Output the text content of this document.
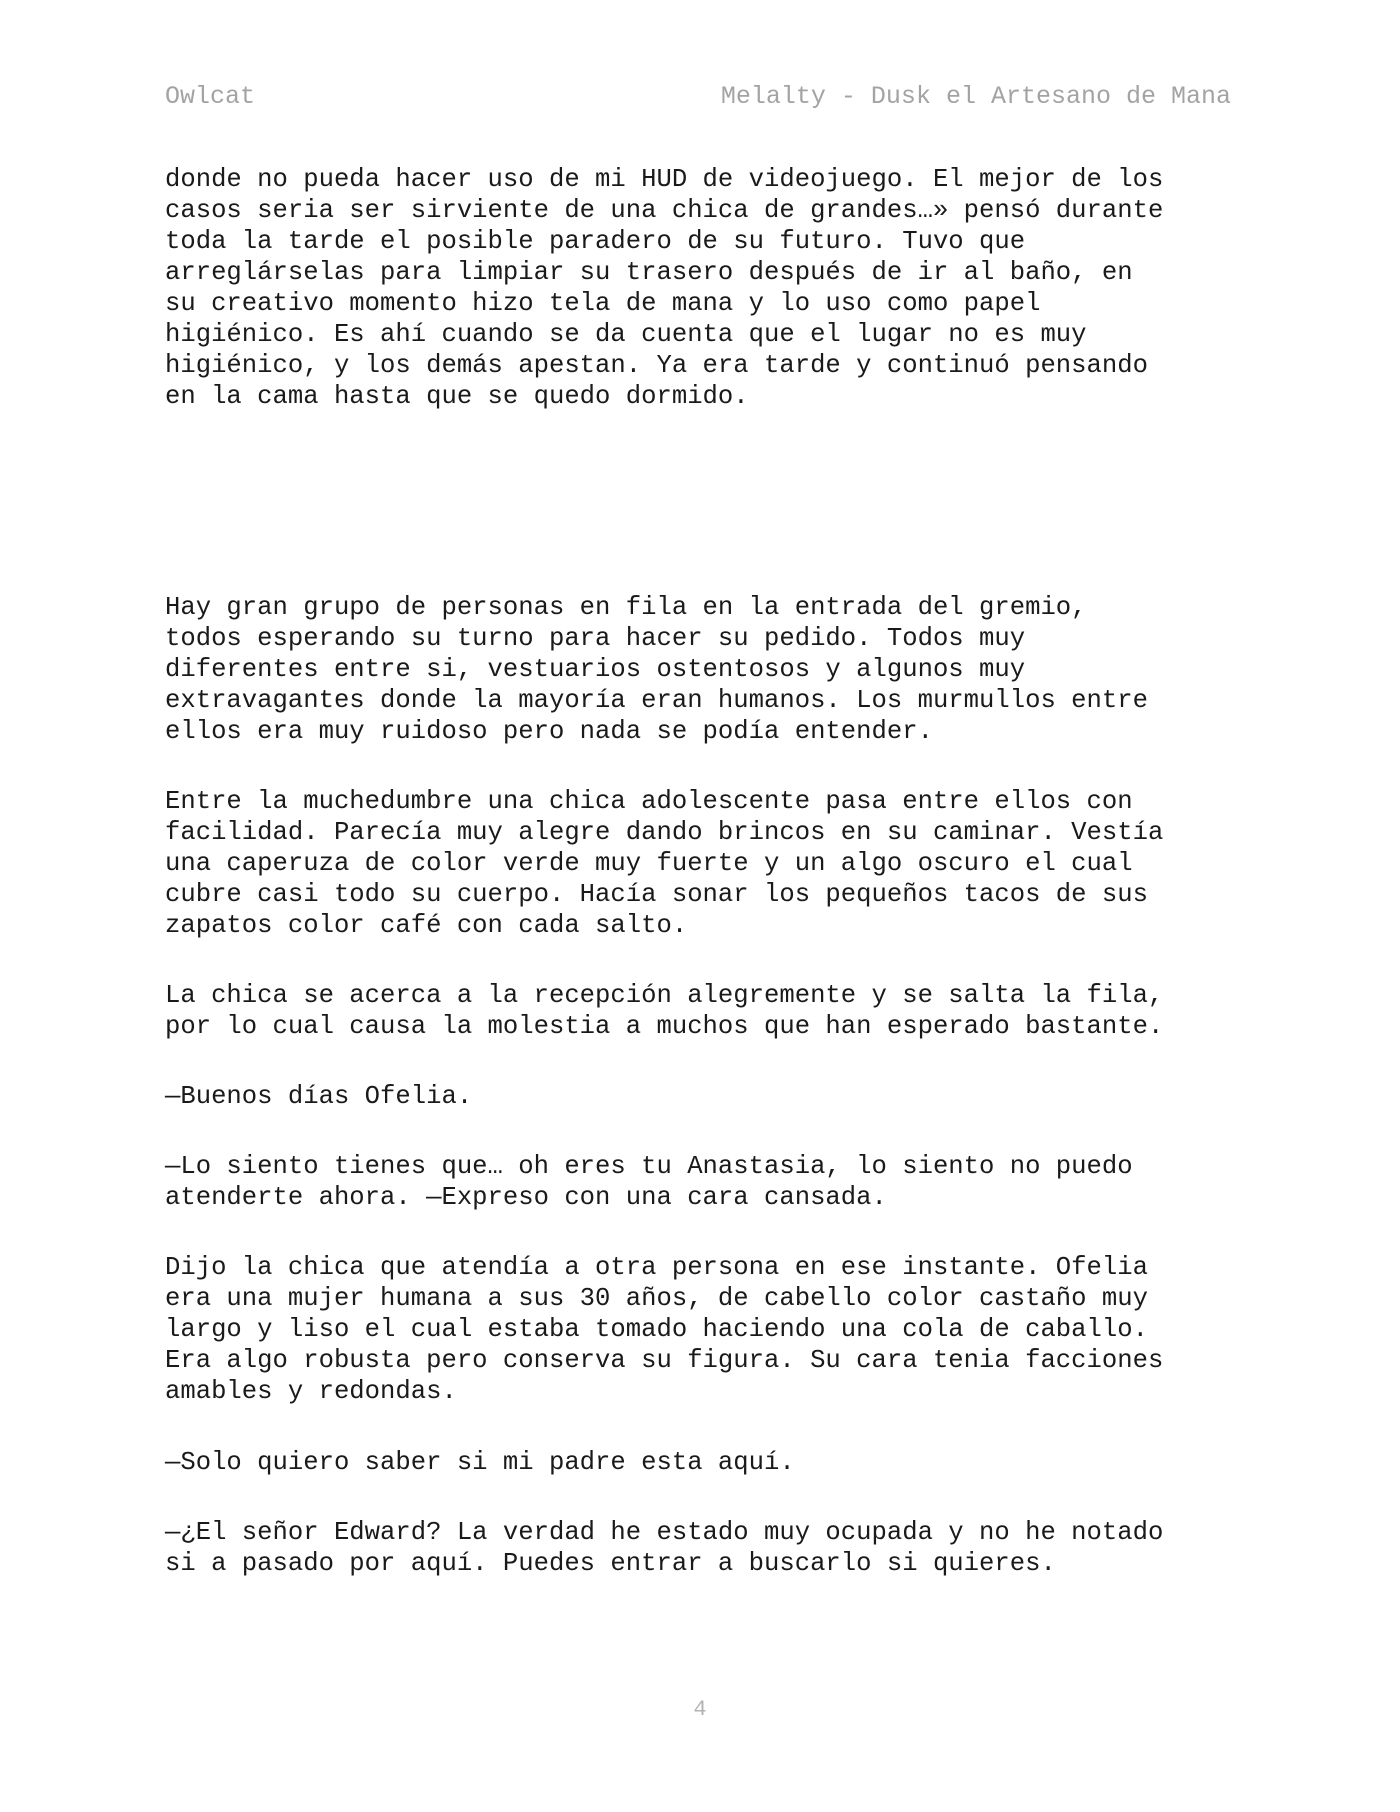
Owlcat	Melalty - Dusk el Artesano de Mana

donde no pueda hacer uso de mi HUD de videojuego. El mejor de los
casos seria ser sirviente de una chica de grandes…» pensó durante
toda la tarde el posible paradero de su futuro. Tuvo que
arreglárselas para limpiar su trasero después de ir al baño, en
su creativo momento hizo tela de mana y lo uso como papel
higiénico. Es ahí cuando se da cuenta que el lugar no es muy
higiénico, y los demás apestan. Ya era tarde y continuó pensando
en la cama hasta que se quedo dormido.

Hay gran grupo de personas en fila en la entrada del gremio,
todos esperando su turno para hacer su pedido. Todos muy
diferentes entre si, vestuarios ostentosos y algunos muy
extravagantes donde la mayoría eran humanos. Los murmullos entre
ellos era muy ruidoso pero nada se podía entender.

Entre la muchedumbre una chica adolescente pasa entre ellos con
facilidad. Parecía muy alegre dando brincos en su caminar. Vestía
una caperuza de color verde muy fuerte y un algo oscuro el cual
cubre casi todo su cuerpo. Hacía sonar los pequeños tacos de sus
zapatos color café con cada salto.

La chica se acerca a la recepción alegremente y se salta la fila,
por lo cual causa la molestia a muchos que han esperado bastante.

—Buenos días Ofelia.

—Lo siento tienes que… oh eres tu Anastasia, lo siento no puedo
atenderte ahora. —Expreso con una cara cansada.

Dijo la chica que atendía a otra persona en ese instante. Ofelia
era una mujer humana a sus 30 años, de cabello color castaño muy
largo y liso el cual estaba tomado haciendo una cola de caballo.
Era algo robusta pero conserva su figura. Su cara tenia facciones
amables y redondas.

—Solo quiero saber si mi padre esta aquí.

—¿El señor Edward? La verdad he estado muy ocupada y no he notado
si a pasado por aquí. Puedes entrar a buscarlo si quieres.

4
